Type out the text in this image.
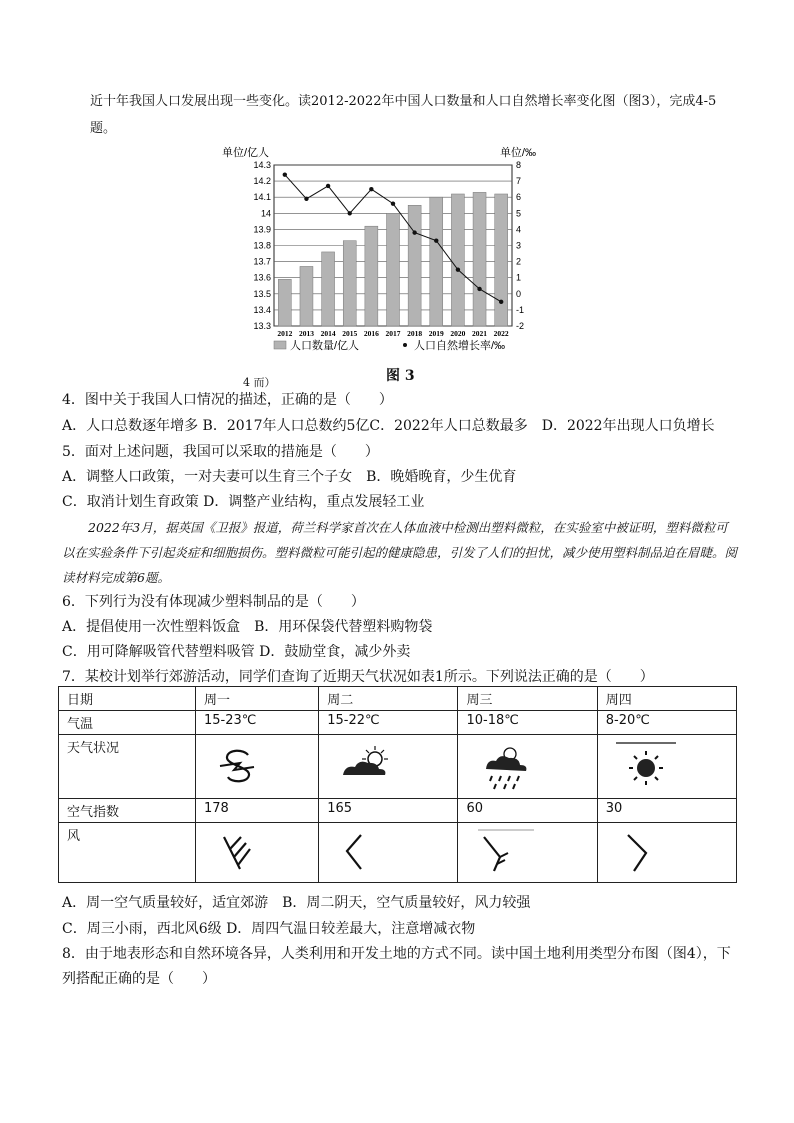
近十年我国人口发展出现一些变化。读2012-2022年中国人口数量和人口自然增长率变化图（图3），完成4-5题。
14.3
14.2
14.1
14
13.9
13.8
13.7
13.6
13.5
13.4
13.3
8
7
6
5
4
3
2
1
0
-1
-2
单位/亿人	单位/‰
2012 2013 2014 2015 2016 2017 2018 2019 2020 2021 2022
人口数量/亿人	人口自然增长率/‰
图 3
4 而）
4．图中关于我国人口情况的描述，正确的是（　　）
A．人口总数逐年增多 B．2017年人口总数约5亿C．2022年人口总数最多　D．2022年出现人口负增长
5．面对上述问题，我国可以采取的措施是（　　）
A．调整人口政策，一对夫妻可以生育三个子女　B．晚婚晚育，少生优育
C．取消计划生育政策 D．调整产业结构，重点发展轻工业
2022年3月，据英国《卫报》报道，荷兰科学家首次在人体血液中检测出塑料微粒，在实验室中被证明，塑料微粒可以在实验条件下引起炎症和细胞损伤。塑料微粒可能引起的健康隐患，引发了人们的担忧，减少使用塑料制品迫在眉睫。阅读材料完成第6题。
6．下列行为没有体现减少塑料制品的是（　　）
A．提倡使用一次性塑料饭盒　B．用环保袋代替塑料购物袋
C．用可降解吸管代替塑料吸管 D．鼓励堂食，减少外卖
7．某校计划举行郊游活动，同学们查询了近期天气状况如表1所示。下列说法正确的是（　　）
日期	周一	周二	周三	周四
气温	15-23℃	15-22℃	10-18℃	8-20℃
天气状况	

空气指数	178	165	60	30
风	

A．周一空气质量较好，适宜郊游　B．周二阴天，空气质量较好，风力较强
C．周三小雨，西北风6级 D．周四气温日较差最大，注意增减衣物
8．由于地表形态和自然环境各异，人类利用和开发土地的方式不同。读中国土地利用类型分布图（图4），下
列搭配正确的是（　　）
